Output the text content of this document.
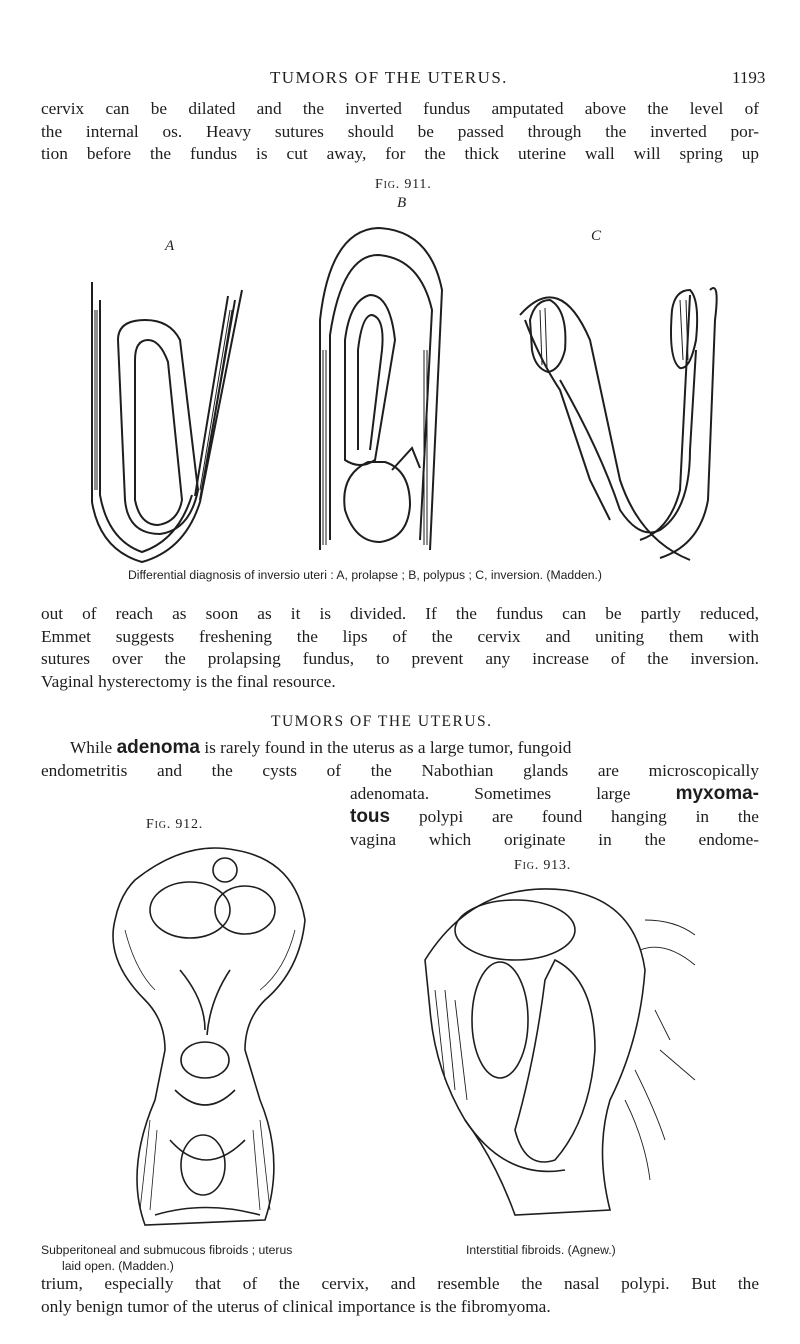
TUMORS OF THE UTERUS.	1193
cervix can be dilated and the inverted fundus amputated above the level of
the internal os. Heavy sutures should be passed through the inverted por-
tion before the fundus is cut away, for the thick uterine wall will spring up
Fig. 911.
B
A
C
Differential diagnosis of inversio uteri : A, prolapse ; B, polypus ; C, inversion. (Madden.)
out of reach as soon as it is divided. If the fundus can be partly reduced,
Emmet suggests freshening the lips of the cervix and uniting them with
sutures over the prolapsing fundus, to prevent any increase of the inversion.
Vaginal hysterectomy is the final resource.
TUMORS OF THE UTERUS.
While adenoma is rarely found in the uterus as a large tumor, fungoid
endometritis and the cysts of the Nabothian glands are microscopically
adenomata. Sometimes large myxoma-
tous polypi are found hanging in the
vagina which originate in the endome-
Fig. 912.
Subperitoneal and submucous fibroids ; uterus
laid open. (Madden.)
Fig. 913.
Interstitial fibroids. (Agnew.)
trium, especially that of the cervix, and resemble the nasal polypi. But the
only benign tumor of the uterus of clinical importance is the fibromyoma.
